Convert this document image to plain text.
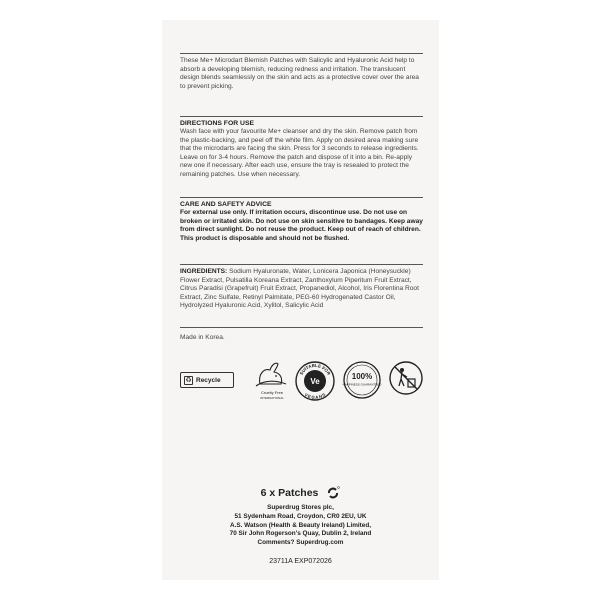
These Me+ Microdart Blemish Patches with Salicylic and Hyaluronic Acid help to absorb a developing blemish, reducing redness and irritation. The translucent design blends seamlessly on the skin and acts as a protective cover over the area to prevent picking.
DIRECTIONS FOR USE
Wash face with your favourite Me+ cleanser and dry the skin. Remove patch from the plastic-backing, and peel off the white film. Apply on desired area making sure that the microdarts are facing the skin. Press for 3 seconds to release ingredients. Leave on for 3-4 hours. Remove the patch and dispose of it into a bin. Re-apply new one if necessary. After each use, ensure the tray is resealed to protect the remaining patches. Use when necessary.
CARE AND SAFETY ADVICE
For external use only. If irritation occurs, discontinue use. Do not use on broken or irritated skin. Do not use on skin sensitive to bandages. Keep away from direct sunlight. Do not reuse the product. Keep out of reach of children. This product is disposable and should not be flushed.
INGREDIENTS: Sodium Hyaluronate, Water, Lonicera Japonica (Honeysuckle) Flower Extract, Pulsatilla Koreana Extract, Zanthoxylum Piperitum Fruit Extract, Citrus Paradisi (Grapefruit) Fruit Extract, Propanediol, Alcohol, Iris Florentina Root Extract, Zinc Sulfate, Retinyl Palmitate, PEG-60 Hydrogenated Castor Oil, Hydrolyzed Hyaluronic Acid, Xylitol, Salicylic Acid
Made in Korea.
♻ Recycle
Cruelty Free
INTERNATIONAL
SUITABLE FOR
VEGANS
Ve
100%
HAPPINESS GUARANTEED
6 x Patches
Superdrug Stores plc,
51 Sydenham Road, Croydon, CR0 2EU, UK
A.S. Watson (Health & Beauty Ireland) Limited,
70 Sir John Rogerson's Quay, Dublin 2, Ireland
Comments? Superdrug.com
23711A EXP072026
